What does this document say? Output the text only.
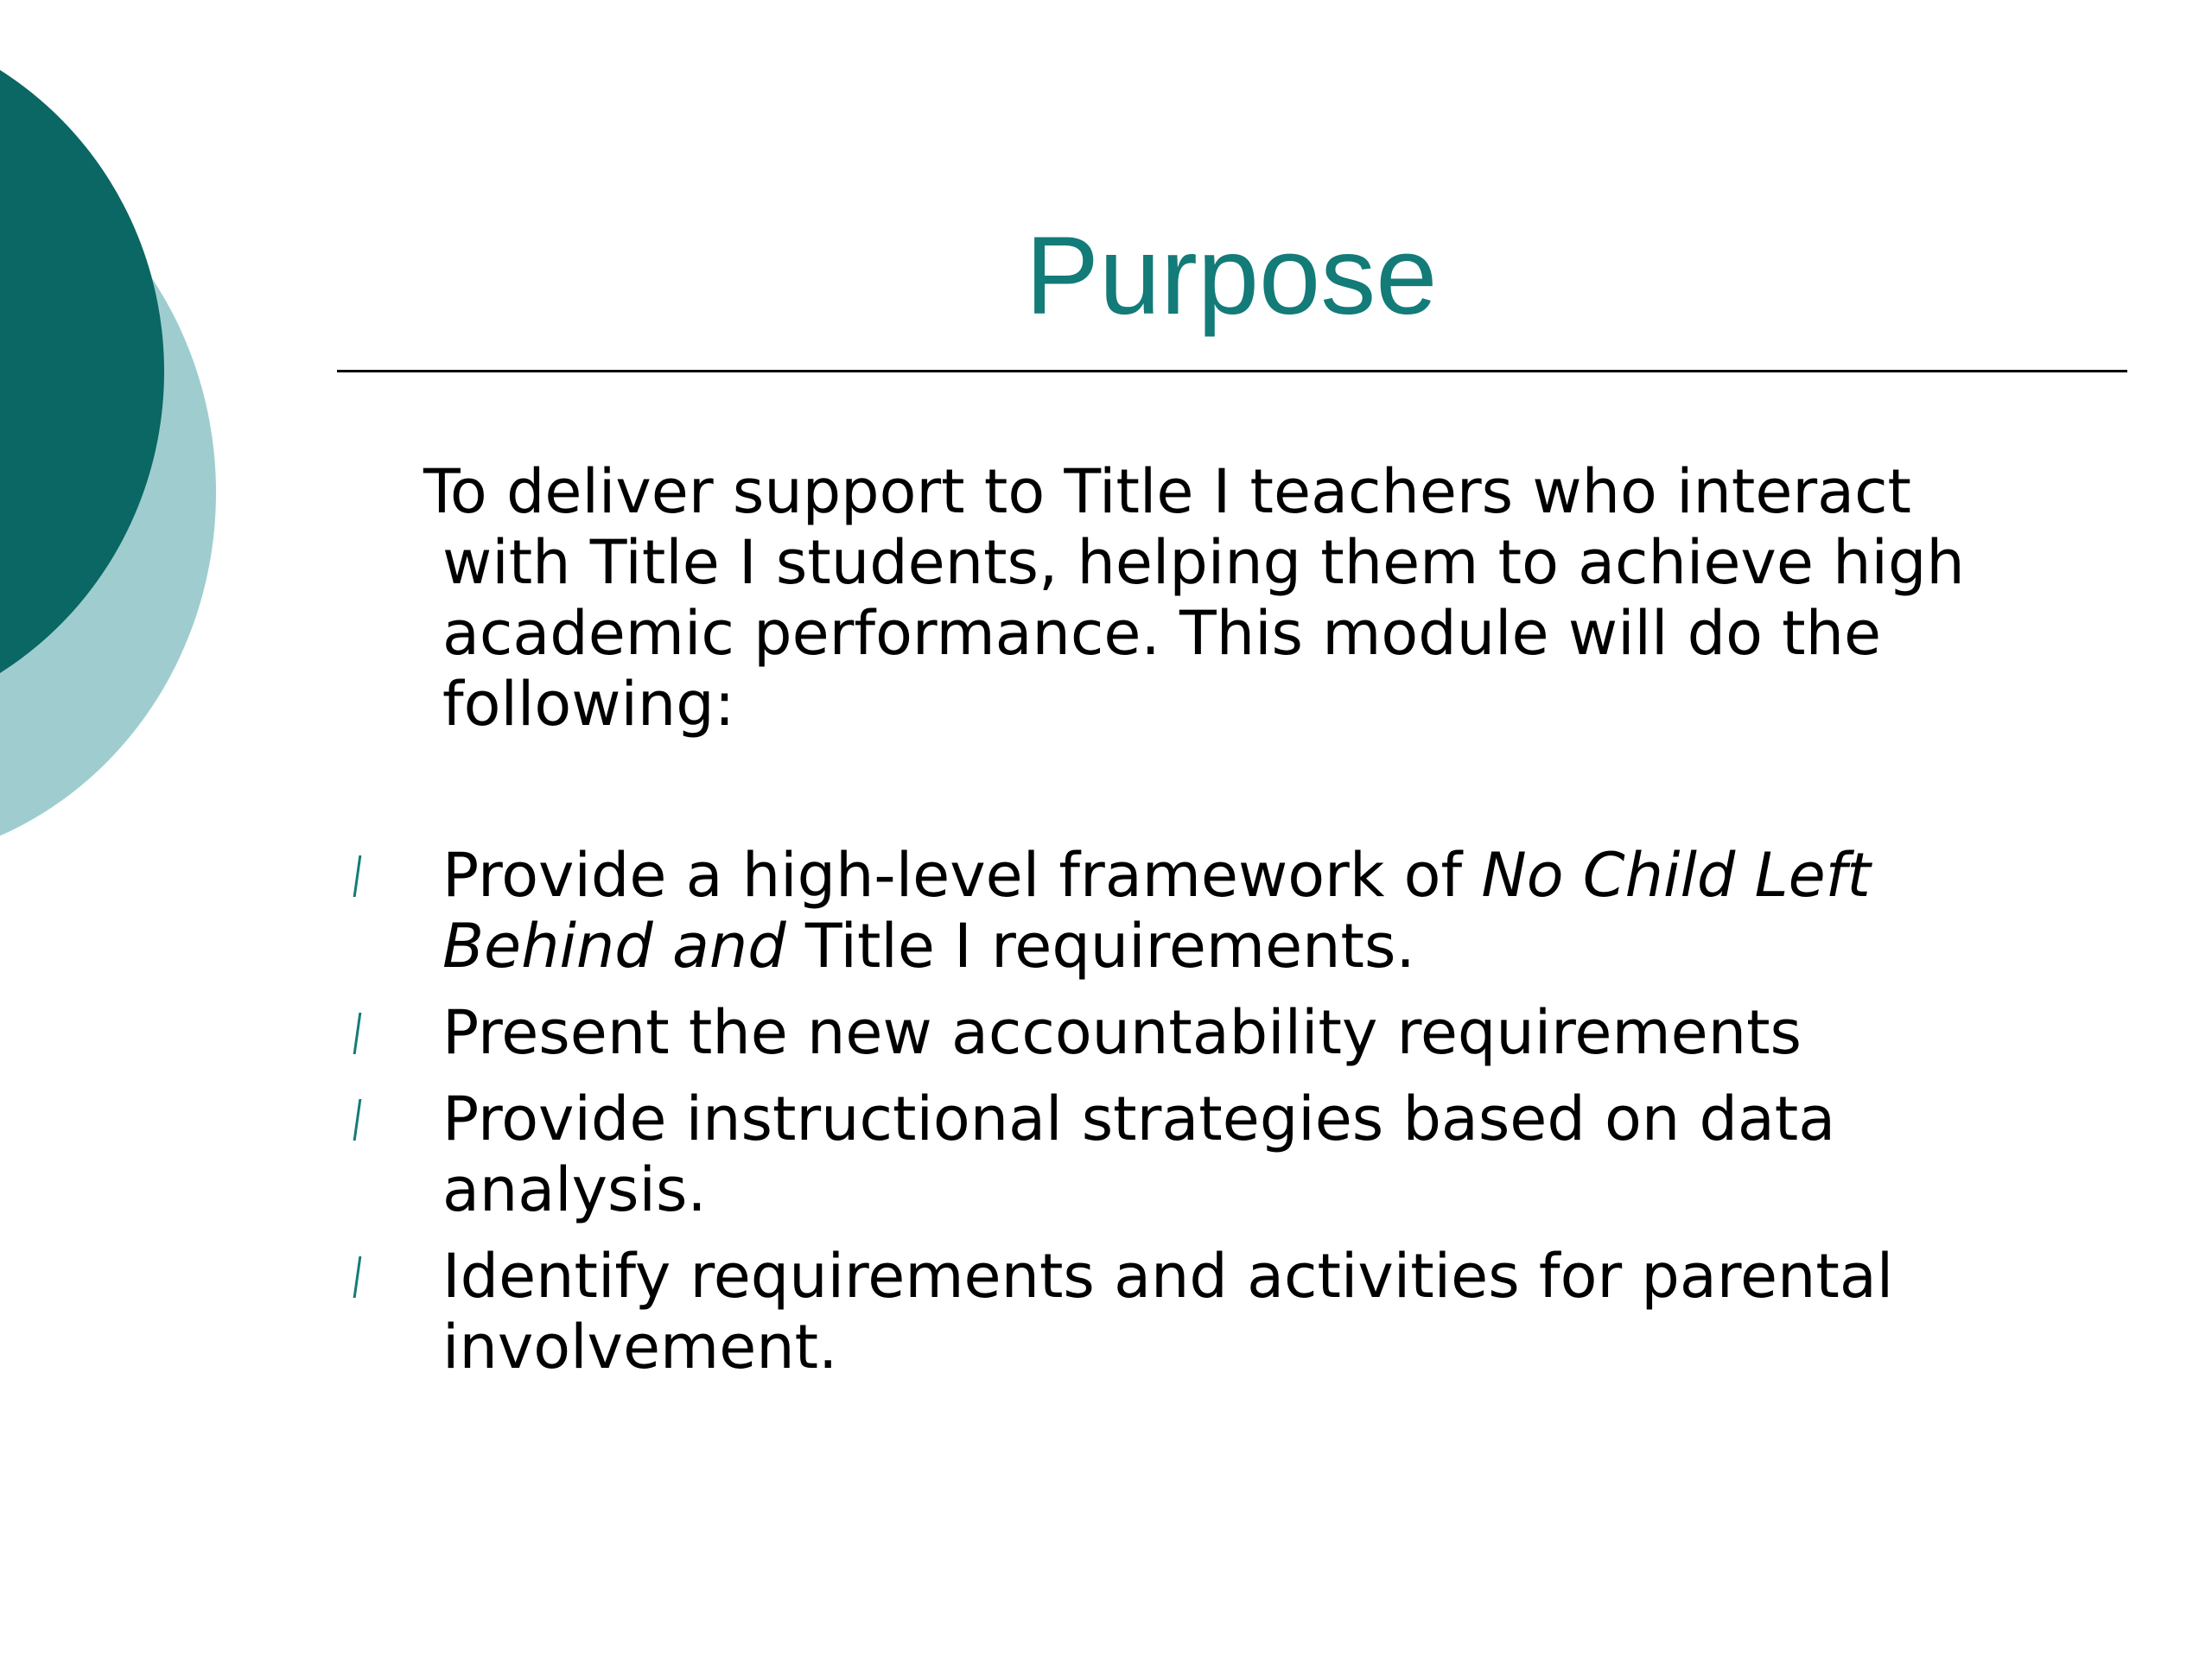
Purpose

To deliver support to Title I teachers who interact
with Title I students, helping them to achieve high
academic performance. This module will do the
following:

Provide a high-level framework of No Child Left
Behind and Title I requirements.
Present the new accountability requirements
Provide instructional strategies based on data
analysis.
Identify requirements and activities for parental
involvement.
